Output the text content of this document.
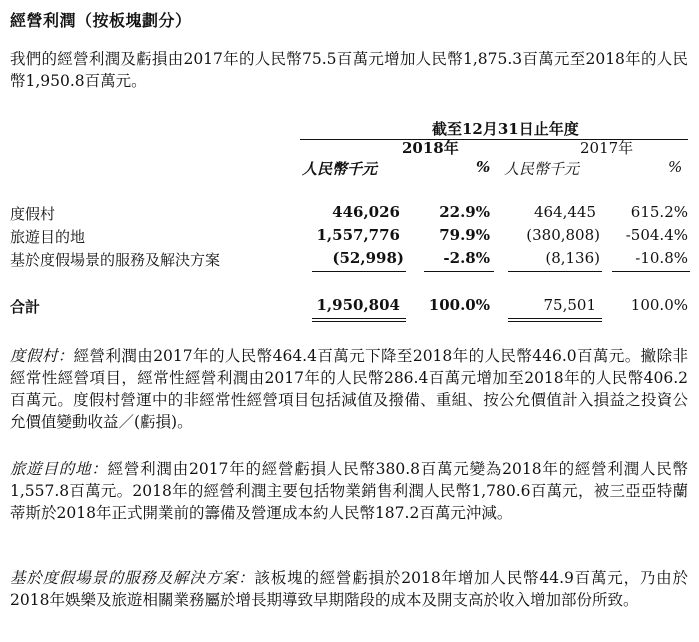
經營利潤（按板塊劃分）
我們的經營利潤及虧損由2017年的人民幣75.5百萬元增加人民幣1,875.3百萬元至2018年的人民幣1,950.8百萬元。
截至12月31日止年度
2018年	2017年
人民幣千元	% 人民幣千元	%
度假村	446,026	22.9%	464,445	615.2%
旅遊目的地	1,557,776	79.9%	(380,808)	-504.4%
基於度假場景的服務及解決方案	(52,998)	-2.8%	(8,136)	-10.8%
合計	1,950,804	100.0%	75,501	100.0%
度假村：經營利潤由2017年的人民幣464.4百萬元下降至2018年的人民幣446.0百萬元。撇除非經常性經營項目，經常性經營利潤由2017年的人民幣286.4百萬元增加至2018年的人民幣406.2百萬元。度假村營運中的非經常性經營項目包括減值及撥備、重組、按公允價值計入損益之投資公允價值變動收益／(虧損)。
旅遊目的地：經營利潤由2017年的經營虧損人民幣380.8百萬元變為2018年的經營利潤人民幣1,557.8百萬元。2018年的經營利潤主要包括物業銷售利潤人民幣1,780.6百萬元，被三亞亞特蘭蒂斯於2018年正式開業前的籌備及營運成本約人民幣187.2百萬元沖減。
基於度假場景的服務及解決方案：該板塊的經營虧損於2018年增加人民幣44.9百萬元，乃由於2018年娛樂及旅遊相關業務屬於增長期導致早期階段的成本及開支高於收入增加部份所致。
